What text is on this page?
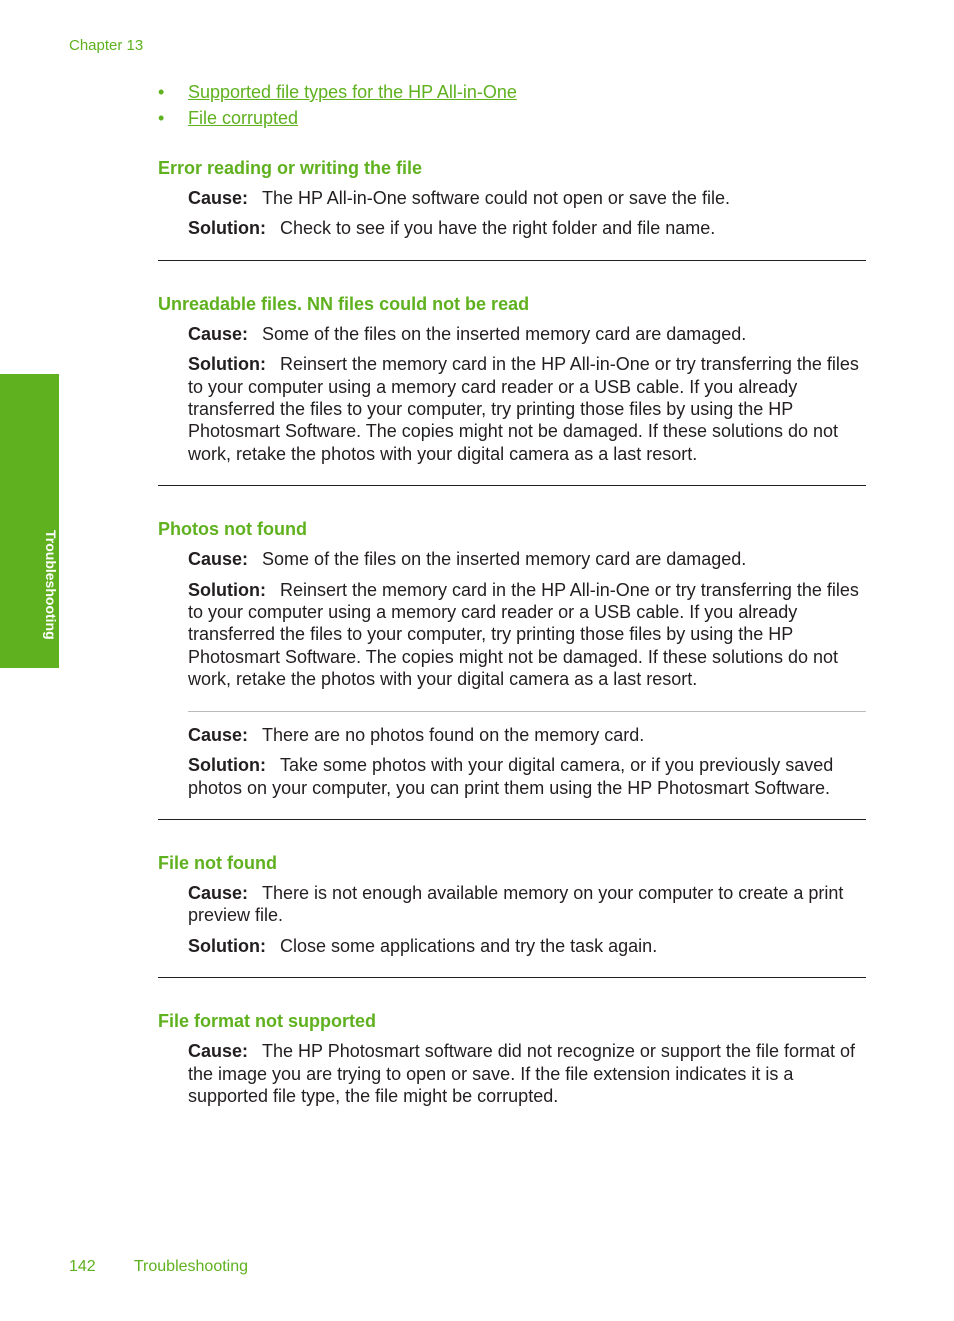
Chapter 13
Troubleshooting
• Supported file types for the HP All-in-One
• File corrupted
Error reading or writing the file

Cause: The HP All-in-One software could not open or save the file.

Solution: Check to see if you have the right folder and file name.

Unreadable files. NN files could not be read

Cause: Some of the files on the inserted memory card are damaged.

Solution: Reinsert the memory card in the HP All-in-One or try transferring the files to your computer using a memory card reader or a USB cable. If you already transferred the files to your computer, try printing those files by using the HP Photosmart Software. The copies might not be damaged. If these solutions do not work, retake the photos with your digital camera as a last resort.

Photos not found

Cause: Some of the files on the inserted memory card are damaged.

Solution: Reinsert the memory card in the HP All-in-One or try transferring the files to your computer using a memory card reader or a USB cable. If you already transferred the files to your computer, try printing those files by using the HP Photosmart Software. The copies might not be damaged. If these solutions do not work, retake the photos with your digital camera as a last resort.

Cause: There are no photos found on the memory card.

Solution: Take some photos with your digital camera, or if you previously saved photos on your computer, you can print them using the HP Photosmart Software.

File not found

Cause: There is not enough available memory on your computer to create a print preview file.

Solution: Close some applications and try the task again.

File format not supported

Cause: The HP Photosmart software did not recognize or support the file format of the image you are trying to open or save. If the file extension indicates it is a supported file type, the file might be corrupted.

142 Troubleshooting
